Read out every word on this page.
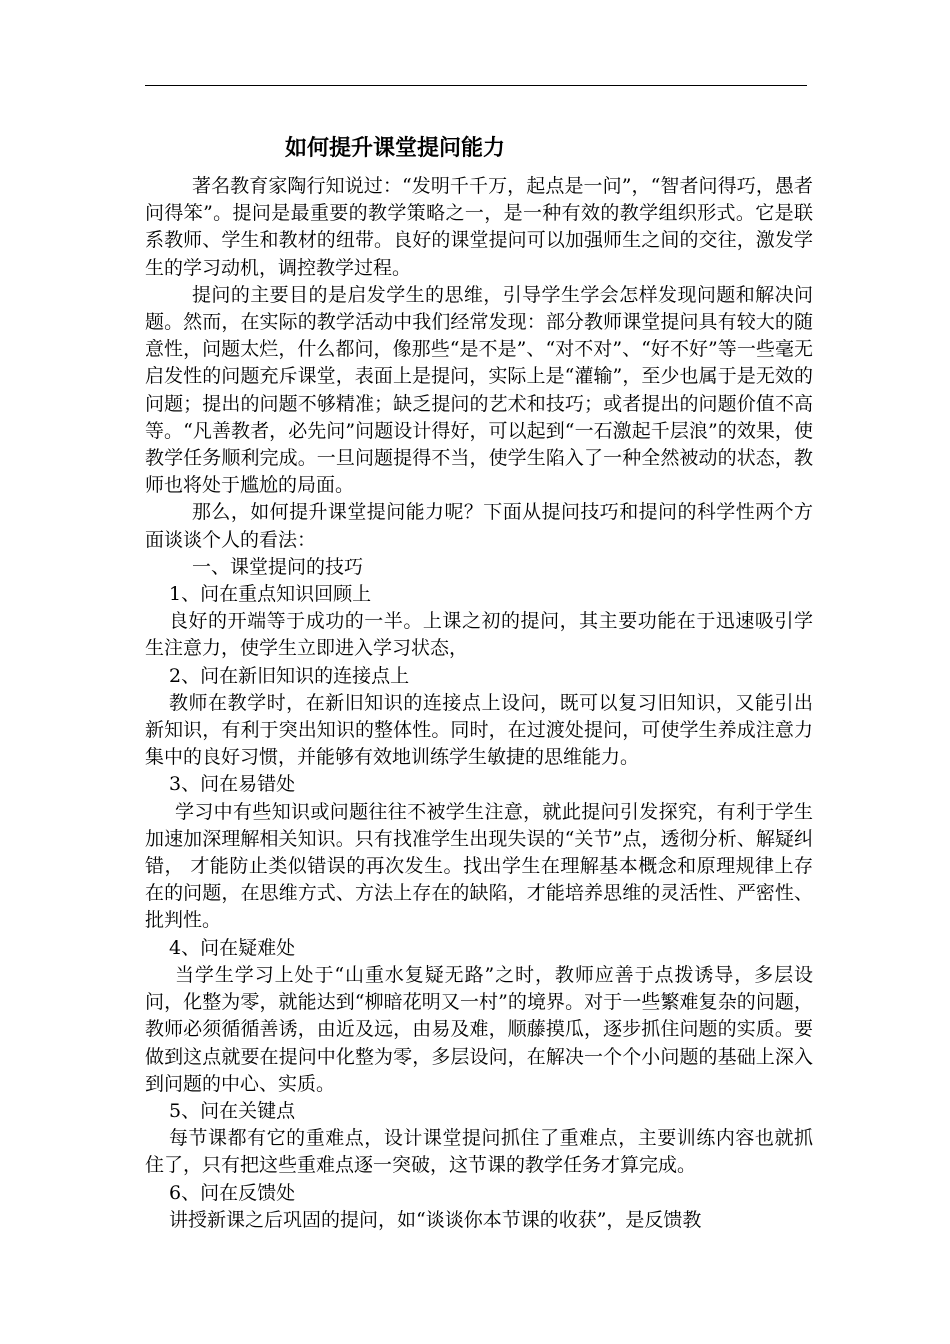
如何提升课堂提问能力

著名教育家陶行知说过：“发明千千万，起点是一问”，“智者问得巧，愚者问得笨”。提问是最重要的教学策略之一，是一种有效的教学组织形式。它是联系教师、学生和教材的纽带。良好的课堂提问可以加强师生之间的交往，激发学生的学习动机，调控教学过程。

提问的主要目的是启发学生的思维，引导学生学会怎样发现问题和解决问题。然而，在实际的教学活动中我们经常发现：部分教师课堂提问具有较大的随意性，问题太烂，什么都问，像那些“是不是”、“对不对”、“好不好”等一些毫无启发性的问题充斥课堂，表面上是提问，实际上是“灌输”，至少也属于是无效的问题；提出的问题不够精准；缺乏提问的艺术和技巧；或者提出的问题价值不高等。“凡善教者，必先问”问题设计得好，可以起到“一石激起千层浪”的效果，使教学任务顺利完成。一旦问题提得不当，使学生陷入了一种全然被动的状态，教师也将处于尴尬的局面。

那么，如何提升课堂提问能力呢？下面从提问技巧和提问的科学性两个方面谈谈个人的看法：

一、课堂提问的技巧

1、问在重点知识回顾上

良好的开端等于成功的一半。上课之初的提问，其主要功能在于迅速吸引学生注意力，使学生立即进入学习状态，

2、问在新旧知识的连接点上

教师在教学时，在新旧知识的连接点上设问，既可以复习旧知识，又能引出新知识，有利于突出知识的整体性。同时，在过渡处提问，可使学生养成注意力集中的良好习惯，并能够有效地训练学生敏捷的思维能力。

3、问在易错处

学习中有些知识或问题往往不被学生注意，就此提问引发探究，有利于学生加速加深理解相关知识。只有找准学生出现失误的“关节”点，透彻分析、解疑纠错， 才能防止类似错误的再次发生。找出学生在理解基本概念和原理规律上存在的问题，在思维方式、方法上存在的缺陷，才能培养思维的灵活性、严密性、批判性。

4、问在疑难处

当学生学习上处于“山重水复疑无路”之时，教师应善于点拨诱导，多层设问，化整为零，就能达到“柳暗花明又一村”的境界。对于一些繁难复杂的问题，教师必须循循善诱，由近及远，由易及难，顺藤摸瓜，逐步抓住问题的实质。要做到这点就要在提问中化整为零，多层设问，在解决一个个小问题的基础上深入到问题的中心、实质。

5、问在关键点

每节课都有它的重难点，设计课堂提问抓住了重难点，主要训练内容也就抓住了，只有把这些重难点逐一突破，这节课的教学任务才算完成。

6、问在反馈处

讲授新课之后巩固的提问，如“谈谈你本节课的收获”，是反馈教
